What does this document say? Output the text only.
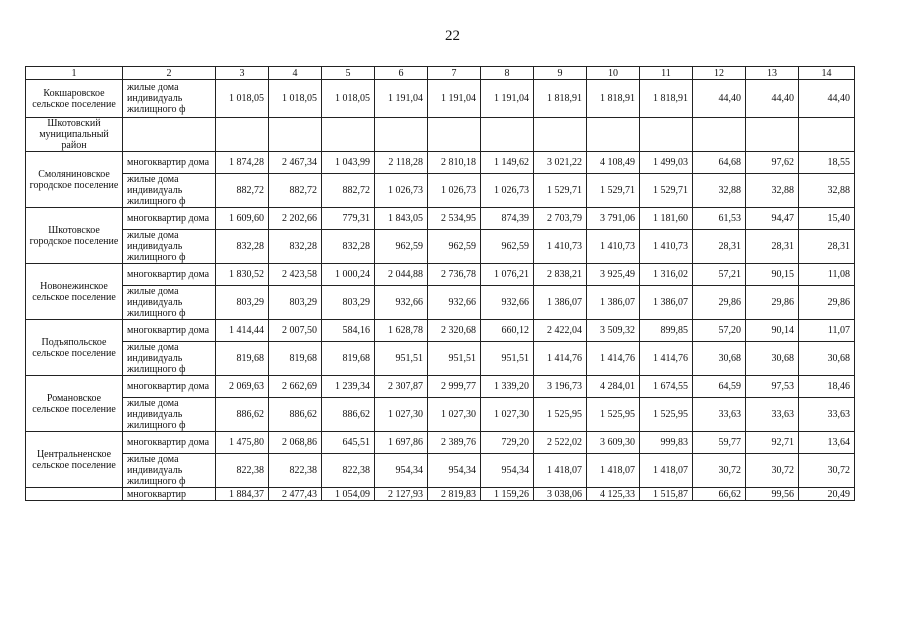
22
1	2	3	4	5	6	7	8	9	10	11	12	13	14
Кокшаровское сельское поселение	жилые дома индивидуаль жилищного ф	1 018,05	1 018,05	1 018,05	1 191,04	1 191,04	1 191,04	1 818,91	1 818,91	1 818,91	44,40	44,40	44,40
Шкотовский муниципальный район													
Смоляниновское городское поселение	многоквартир дома	1 874,28	2 467,34	1 043,99	2 118,28	2 810,18	1 149,62	3 021,22	4 108,49	1 499,03	64,68	97,62	18,55
	жилые дома индивидуаль жилищного ф	882,72	882,72	882,72	1 026,73	1 026,73	1 026,73	1 529,71	1 529,71	1 529,71	32,88	32,88	32,88
Шкотовское городское поселение	многоквартир дома	1 609,60	2 202,66	779,31	1 843,05	2 534,95	874,39	2 703,79	3 791,06	1 181,60	61,53	94,47	15,40
	жилые дома индивидуаль жилищного ф	832,28	832,28	832,28	962,59	962,59	962,59	1 410,73	1 410,73	1 410,73	28,31	28,31	28,31
Новонежинское сельское поселение	многоквартир дома	1 830,52	2 423,58	1 000,24	2 044,88	2 736,78	1 076,21	2 838,21	3 925,49	1 316,02	57,21	90,15	11,08
	жилые дома индивидуаль жилищного ф	803,29	803,29	803,29	932,66	932,66	932,66	1 386,07	1 386,07	1 386,07	29,86	29,86	29,86
Подъяпольское сельское поселение	многоквартир дома	1 414,44	2 007,50	584,16	1 628,78	2 320,68	660,12	2 422,04	3 509,32	899,85	57,20	90,14	11,07
	жилые дома индивидуаль жилищного ф	819,68	819,68	819,68	951,51	951,51	951,51	1 414,76	1 414,76	1 414,76	30,68	30,68	30,68
Романовское сельское поселение	многоквартир дома	2 069,63	2 662,69	1 239,34	2 307,87	2 999,77	1 339,20	3 196,73	4 284,01	1 674,55	64,59	97,53	18,46
	жилые дома индивидуаль жилищного ф	886,62	886,62	886,62	1 027,30	1 027,30	1 027,30	1 525,95	1 525,95	1 525,95	33,63	33,63	33,63
Центральненское сельское поселение	многоквартир дома	1 475,80	2 068,86	645,51	1 697,86	2 389,76	729,20	2 522,02	3 609,30	999,83	59,77	92,71	13,64
	жилые дома индивидуаль жилищного ф	822,38	822,38	822,38	954,34	954,34	954,34	1 418,07	1 418,07	1 418,07	30,72	30,72	30,72
	многоквартир	1 884,37	2 477,43	1 054,09	2 127,93	2 819,83	1 159,26	3 038,06	4 125,33	1 515,87	66,62	99,56	20,49
